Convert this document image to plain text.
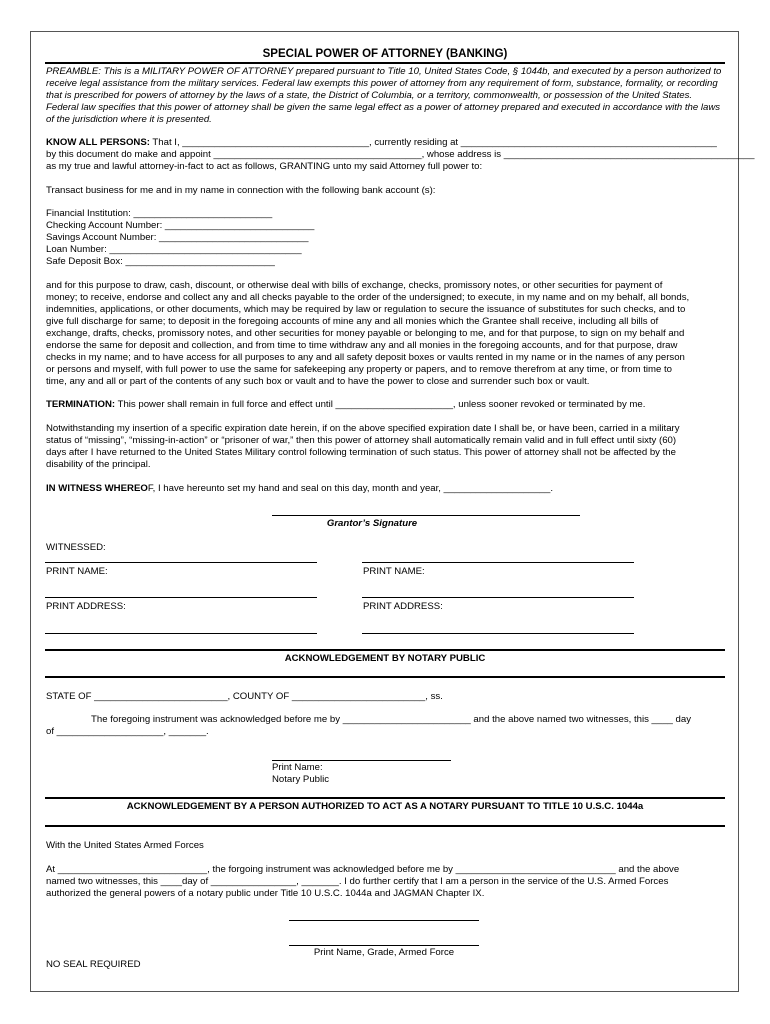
SPECIAL POWER OF ATTORNEY (BANKING)
PREAMBLE: This is a MILITARY POWER OF ATTORNEY prepared pursuant to Title 10, United States Code, § 1044b, and executed by a person authorized to receive legal assistance from the military services. Federal law exempts this power of attorney from any requirement of form, substance, formality, or recording that is prescribed for powers of attorney by the laws of a state, the District of Columbia, or a territory, commonwealth, or possession of the United States. Federal law specifies that this power of attorney shall be given the same legal effect as a power of attorney prepared and executed in accordance with the laws of the jurisdiction where it is presented.
KNOW ALL PERSONS: That I, ___________________________________, currently residing at ________________________________________________
by this document do make and appoint _______________________________________, whose address is _______________________________________________
as my true and lawful attorney-in-fact to act as follows, GRANTING unto my said Attorney full power to:
Transact business for me and in my name in connection with the following bank account (s):
Financial Institution: __________________________
Checking Account Number: ____________________________
Savings Account Number: ____________________________
Loan Number: ____________________________________
Safe Deposit Box: ____________________________
and for this purpose to draw, cash, discount, or otherwise deal with bills of exchange, checks, promissory notes, or other securities for payment of
money; to receive, endorse and collect any and all checks payable to the order of the undersigned; to execute, in my name and on my behalf, all bonds,
indemnities, applications, or other documents, which may be required by law or regulation to secure the issuance of substitutes for such checks, and to
give full discharge for same; to deposit in the foregoing accounts of mine any and all monies which the Grantee shall receive, including all bills of
exchange, drafts, checks, promissory notes, and other securities for money payable or belonging to me, and for that purpose, to sign on my behalf and
endorse the same for deposit and collection, and from time to time withdraw any and all monies in the foregoing accounts, and for that purpose, draw
checks in my name; and to have access for all purposes to any and all safety deposit boxes or vaults rented in my name or in the names of any person
or persons and myself, with full power to use the same for safekeeping any property or papers, and to remove therefrom at any time, or from time to
time, any and all or part of the contents of any such box or vault and to have the power to close and surrender such box or vault.
TERMINATION: This power shall remain in full force and effect until ______________________, unless sooner revoked or terminated by me.
Notwithstanding my insertion of a specific expiration date herein, if on the above specified expiration date I shall be, or have been, carried in a military
status of “missing”, “missing-in-action” or “prisoner of war,” then this power of attorney shall automatically remain valid and in full effect until sixty (60)
days after I have returned to the United States Military control following termination of such status. This power of attorney shall not be affected by the
disability of the principal.
IN WITNESS WHEREOF, I have hereunto set my hand and seal on this day, month and year, ____________________.
Grantor’s Signature
WITNESSED:
PRINT NAME:	PRINT NAME:
PRINT ADDRESS:	PRINT ADDRESS:
ACKNOWLEDGEMENT BY NOTARY PUBLIC
STATE OF _________________________, COUNTY OF _________________________, ss.
The foregoing instrument was acknowledged before me by ________________________ and the above named two witnesses, this ____ day
of ____________________, _______.
Print Name:
Notary Public
ACKNOWLEDGEMENT BY A PERSON AUTHORIZED TO ACT AS A NOTARY PURSUANT TO TITLE 10 U.S.C. 1044a
With the United States Armed Forces
At ____________________________, the forgoing instrument was acknowledged before me by ______________________________ and the above
named two witnesses, this ____day of ________________, _______. I do further certify that I am a person in the service of the U.S. Armed Forces
authorized the general powers of a notary public under Title 10 U.S.C. 1044a and JAGMAN Chapter IX.
Print Name, Grade, Armed Force
NO SEAL REQUIRED
